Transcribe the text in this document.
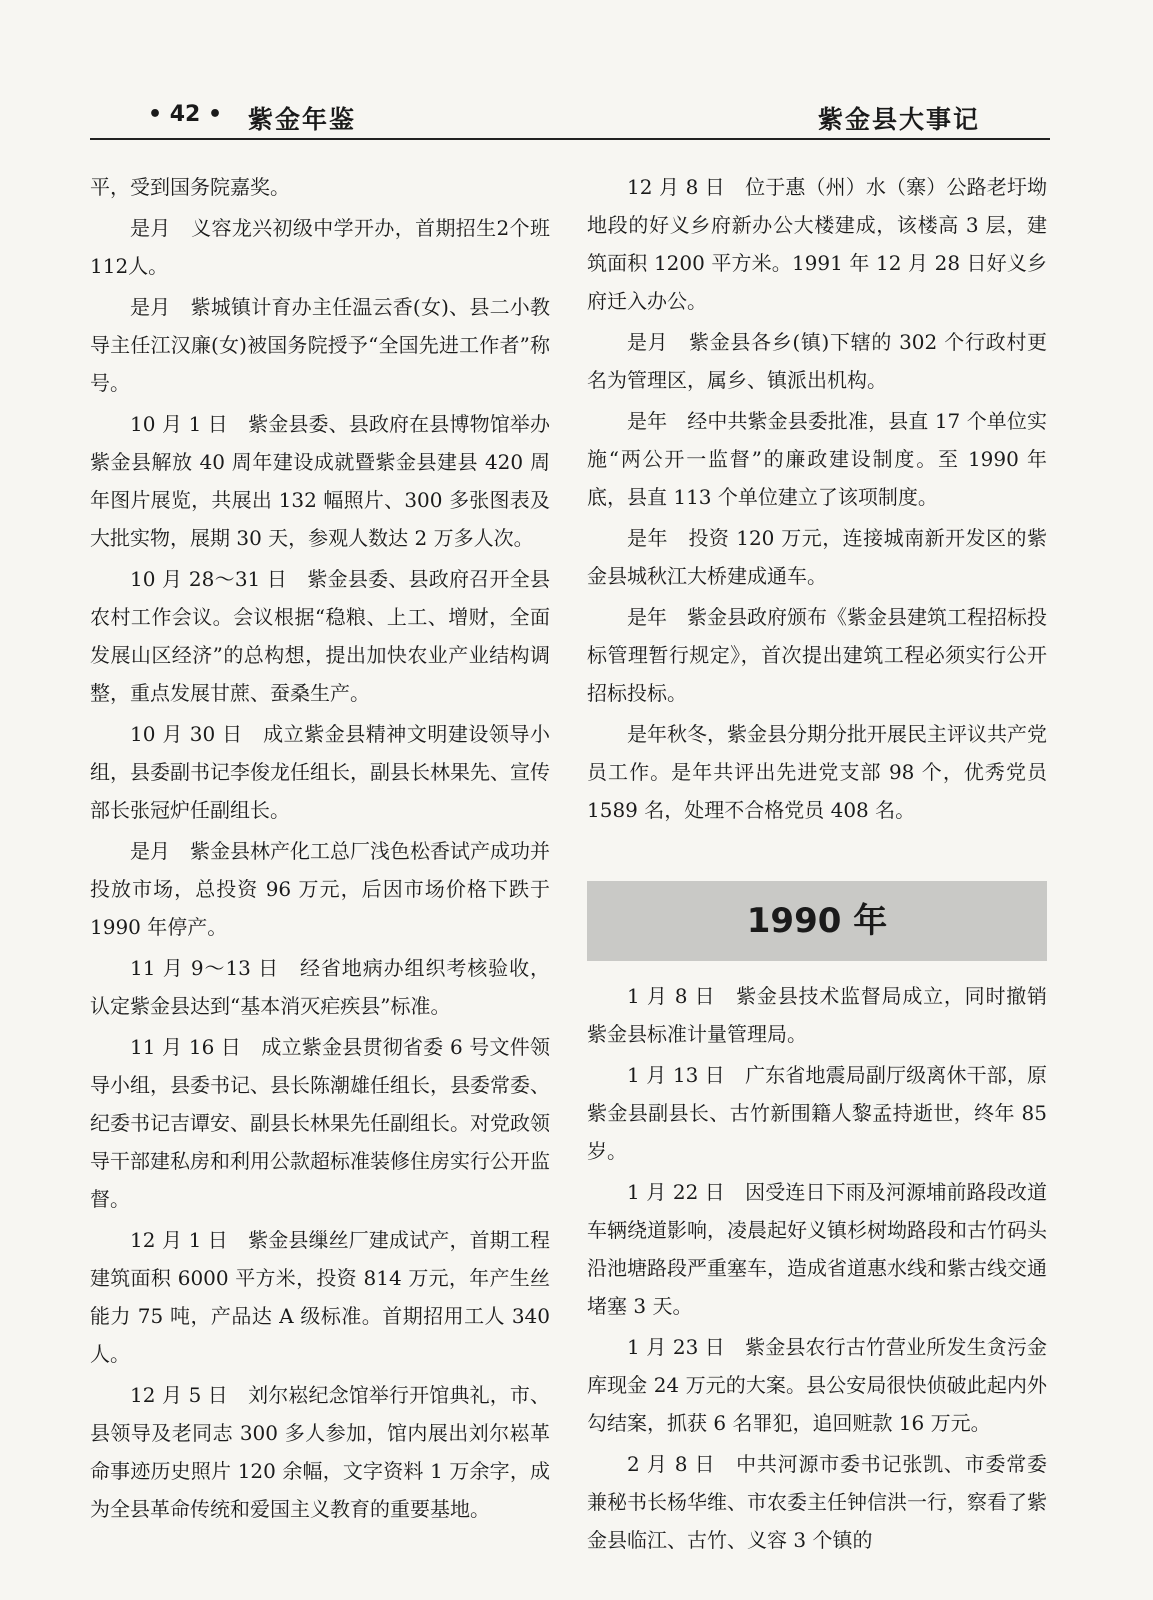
• 42 • 紫金年鉴	紫金县大事记

平，受到国务院嘉奖。

是月　义容龙兴初级中学开办，首期招生2个班112人。

是月　紫城镇计育办主任温云香(女)、县二小教导主任江汉廉(女)被国务院授予“全国先进工作者”称号。

10 月 1 日　紫金县委、县政府在县博物馆举办紫金县解放 40 周年建设成就暨紫金县建县 420 周年图片展览，共展出 132 幅照片、300 多张图表及大批实物，展期 30 天，参观人数达 2 万多人次。

10 月 28～31 日　紫金县委、县政府召开全县农村工作会议。会议根据“稳粮、上工、增财，全面发展山区经济”的总构想，提出加快农业产业结构调整，重点发展甘蔗、蚕桑生产。

10 月 30 日　成立紫金县精神文明建设领导小组，县委副书记李俊龙任组长，副县长林果先、宣传部长张冠炉任副组长。

是月　紫金县林产化工总厂浅色松香试产成功并投放市场，总投资 96 万元，后因市场价格下跌于 1990 年停产。

11 月 9～13 日　经省地病办组织考核验收，认定紫金县达到“基本消灭疟疾县”标准。

11 月 16 日　成立紫金县贯彻省委 6 号文件领导小组，县委书记、县长陈潮雄任组长，县委常委、纪委书记吉谭安、副县长林果先任副组长。对党政领导干部建私房和利用公款超标准装修住房实行公开监督。

12 月 1 日　紫金县缫丝厂建成试产，首期工程建筑面积 6000 平方米，投资 814 万元，年产生丝能力 75 吨，产品达 A 级标准。首期招用工人 340 人。

12 月 5 日　刘尔崧纪念馆举行开馆典礼，市、县领导及老同志 300 多人参加，馆内展出刘尔崧革命事迹历史照片 120 余幅，文字资料 1 万余字，成为全县革命传统和爱国主义教育的重要基地。

12 月 8 日　位于惠（州）水（寨）公路老圩坳地段的好义乡府新办公大楼建成，该楼高 3 层，建筑面积 1200 平方米。1991 年 12 月 28 日好义乡府迁入办公。

是月　紫金县各乡(镇)下辖的 302 个行政村更名为管理区，属乡、镇派出机构。

是年　经中共紫金县委批准，县直 17 个单位实施“两公开一监督”的廉政建设制度。至 1990 年底，县直 113 个单位建立了该项制度。

是年　投资 120 万元，连接城南新开发区的紫金县城秋江大桥建成通车。

是年　紫金县政府颁布《紫金县建筑工程招标投标管理暂行规定》，首次提出建筑工程必须实行公开招标投标。

是年秋冬，紫金县分期分批开展民主评议共产党员工作。是年共评出先进党支部 98 个，优秀党员 1589 名，处理不合格党员 408 名。

1990 年

1 月 8 日　紫金县技术监督局成立，同时撤销紫金县标准计量管理局。

1 月 13 日　广东省地震局副厅级离休干部，原紫金县副县长、古竹新围籍人黎孟持逝世，终年 85 岁。

1 月 22 日　因受连日下雨及河源埔前路段改道车辆绕道影响，凌晨起好义镇杉树坳路段和古竹码头沿池塘路段严重塞车，造成省道惠水线和紫古线交通堵塞 3 天。

1 月 23 日　紫金县农行古竹营业所发生贪污金库现金 24 万元的大案。县公安局很快侦破此起内外勾结案，抓获 6 名罪犯，追回赃款 16 万元。

2 月 8 日　中共河源市委书记张凯、市委常委兼秘书长杨华维、市农委主任钟信洪一行，察看了紫金县临江、古竹、义容 3 个镇的
